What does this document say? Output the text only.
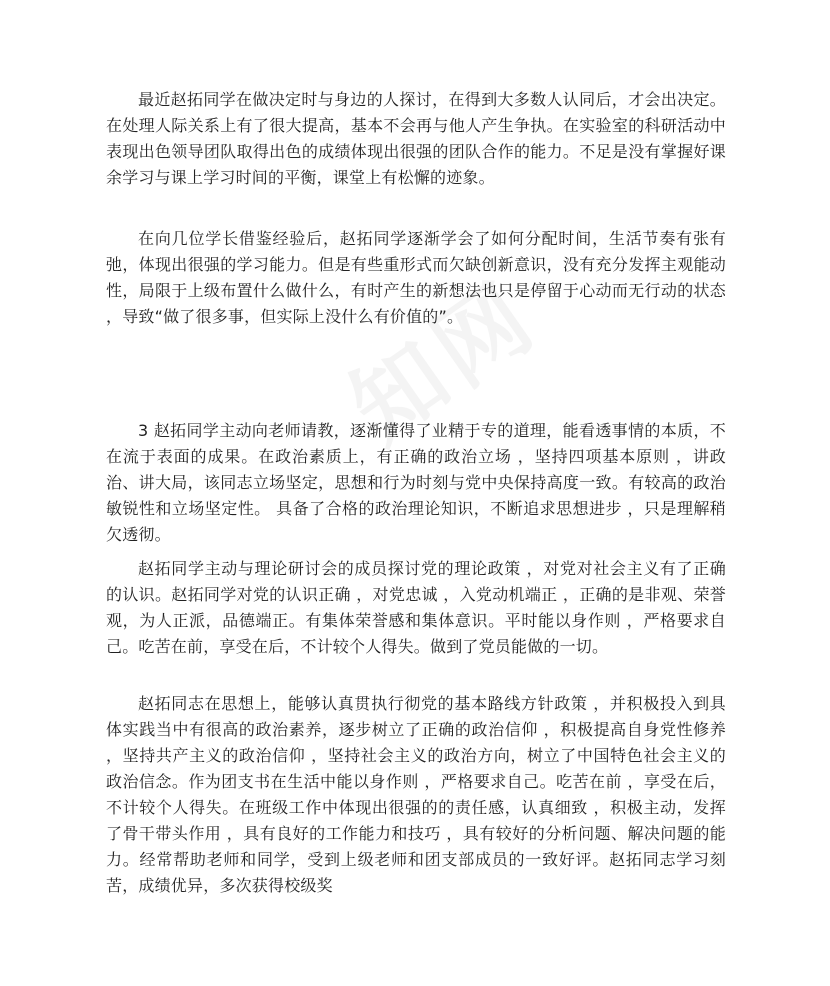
最近赵拓同学在做决定时与身边的人探讨，在得到大多数人认同后，才会出决定。在处理人际关系上有了很大提高，基本不会再与他人产生争执。在实验室的科研活动中表现出色领导团队取得出色的成绩体现出很强的团队合作的能力。不足是没有掌握好课余学习与课上学习时间的平衡，课堂上有松懈的迹象。

在向几位学长借鉴经验后，赵拓同学逐渐学会了如何分配时间，生活节奏有张有弛，体现出很强的学习能力。但是有些重形式而欠缺创新意识，没有充分发挥主观能动性，局限于上级布置什么做什么，有时产生的新想法也只是停留于心动而无行动的状态 ，导致“做了很多事，但实际上没什么有价值的”。

3 赵拓同学主动向老师请教，逐渐懂得了业精于专的道理，能看透事情的本质，不在流于表面的成果。在政治素质上，有正确的政治立场 ，坚持四项基本原则 ，讲政治、讲大局，该同志立场坚定，思想和行为时刻与党中央保持高度一致。有较高的政治敏锐性和立场坚定性。 具备了合格的政治理论知识，不断追求思想进步 ，只是理解稍欠透彻。

赵拓同学主动与理论研讨会的成员探讨党的理论政策 ，对党对社会主义有了正确的认识。赵拓同学对党的认识正确 ，对党忠诚 ，入党动机端正 ，正确的是非观、荣誉观，为人正派，品德端正。有集体荣誉感和集体意识。平时能以身作则 ，严格要求自己。吃苦在前，享受在后，不计较个人得失。做到了党员能做的一切。

赵拓同志在思想上，能够认真贯执行彻党的基本路线方针政策 ，并积极投入到具体实践当中有很高的政治素养，逐步树立了正确的政治信仰 ，积极提高自身党性修养 ，坚持共产主义的政治信仰 ，坚持社会主义的政治方向，树立了中国特色社会主义的政治信念。作为团支书在生活中能以身作则 ，严格要求自己。吃苦在前 ，享受在后，不计较个人得失。在班级工作中体现出很强的的责任感，认真细致 ，积极主动，发挥了骨干带头作用 ，具有良好的工作能力和技巧 ，具有较好的分析问题、解决问题的能力。经常帮助老师和同学，受到上级老师和团支部成员的一致好评。赵拓同志学习刻苦，成绩优异，多次获得校级奖
